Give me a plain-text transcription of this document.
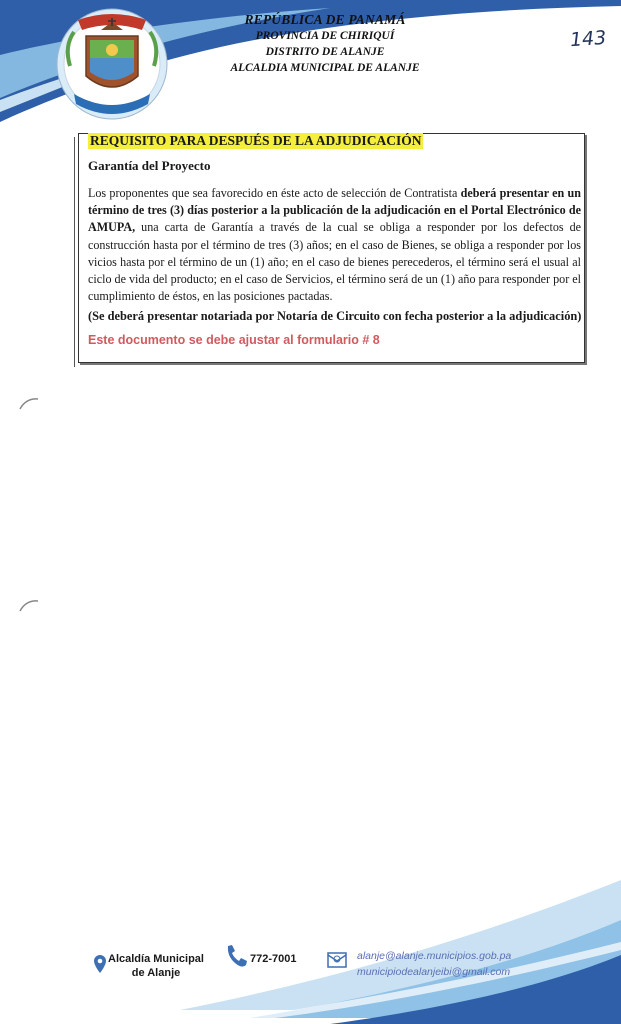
REPÚBLICA DE PANAMÁ
PROVINCIA DE CHIRIQUÍ
DISTRITO DE ALANJE
ALCALDIA MUNICIPAL DE ALANJE
143
REQUISITO PARA DESPUÉS DE LA ADJUDICACIÓN
Garantía del Proyecto
Los proponentes que sea favorecido en éste acto de selección de Contratista deberá presentar en un término de tres (3) días posterior a la publicación de la adjudicación en el Portal Electrónico de AMUPA, una carta de Garantía a través de la cual se obliga a responder por los defectos de construcción hasta por el término de tres (3) años; en el caso de Bienes, se obliga a responder por los vicios hasta por el término de un (1) año; en el caso de bienes perecederos, el término será el usual al ciclo de vida del producto; en el caso de Servicios, el término será de un (1) año para responder por el cumplimiento de éstos, en las posiciones pactadas.
(Se deberá presentar notariada por Notaría de Circuito con fecha posterior a la adjudicación)
Este documento se debe ajustar al formulario # 8
Alcaldía Municipal
de Alanje
772-7001	alanje@alanje.municipios.gob.pa
municipiodealanjeibi@gmail.com
